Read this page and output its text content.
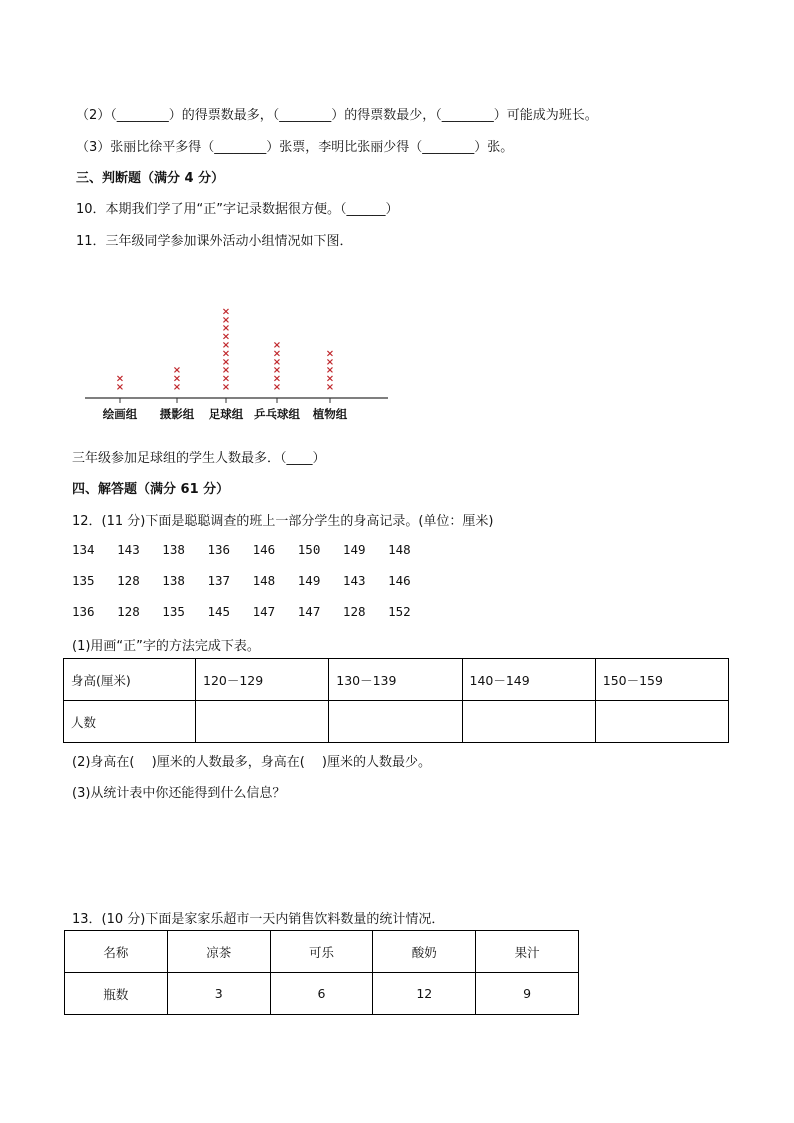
（2）（________）的得票数最多，（________）的得票数最少，（________）可能成为班长。
（3）张丽比徐平多得（________）张票，李明比张丽少得（________）张。
三、判断题（满分 4 分）
10．本期我们学了用“正”字记录数据很方便。（______）
11．三年级同学参加课外活动小组情况如下图．
×
×
绘画组
×
×
×
摄影组
×
×
×
×
×
×
×
×
×
×
足球组
×
×
×
×
×
×
乒乓球组
×
×
×
×
×
植物组
三年级参加足球组的学生人数最多．（____）
四、解答题（满分 61 分）
12．(11 分)下面是聪聪调查的班上一部分学生的身高记录。(单位：厘米)
134   143   138   136   146   150   149   148
135   128   138   137   148   149   143   146
136   128   135   145   147   147   128   152
(1)用画“正”字的方法完成下表。
身高(厘米)	120－129	130－139	140－149	150－159
人数				
(2)身高在(　 )厘米的人数最多，身高在(　 )厘米的人数最少。
(3)从统计表中你还能得到什么信息？
13．(10 分)下面是家家乐超市一天内销售饮料数量的统计情况．
名称	凉茶	可乐	酸奶	果汁
瓶数	3	6	12	9
